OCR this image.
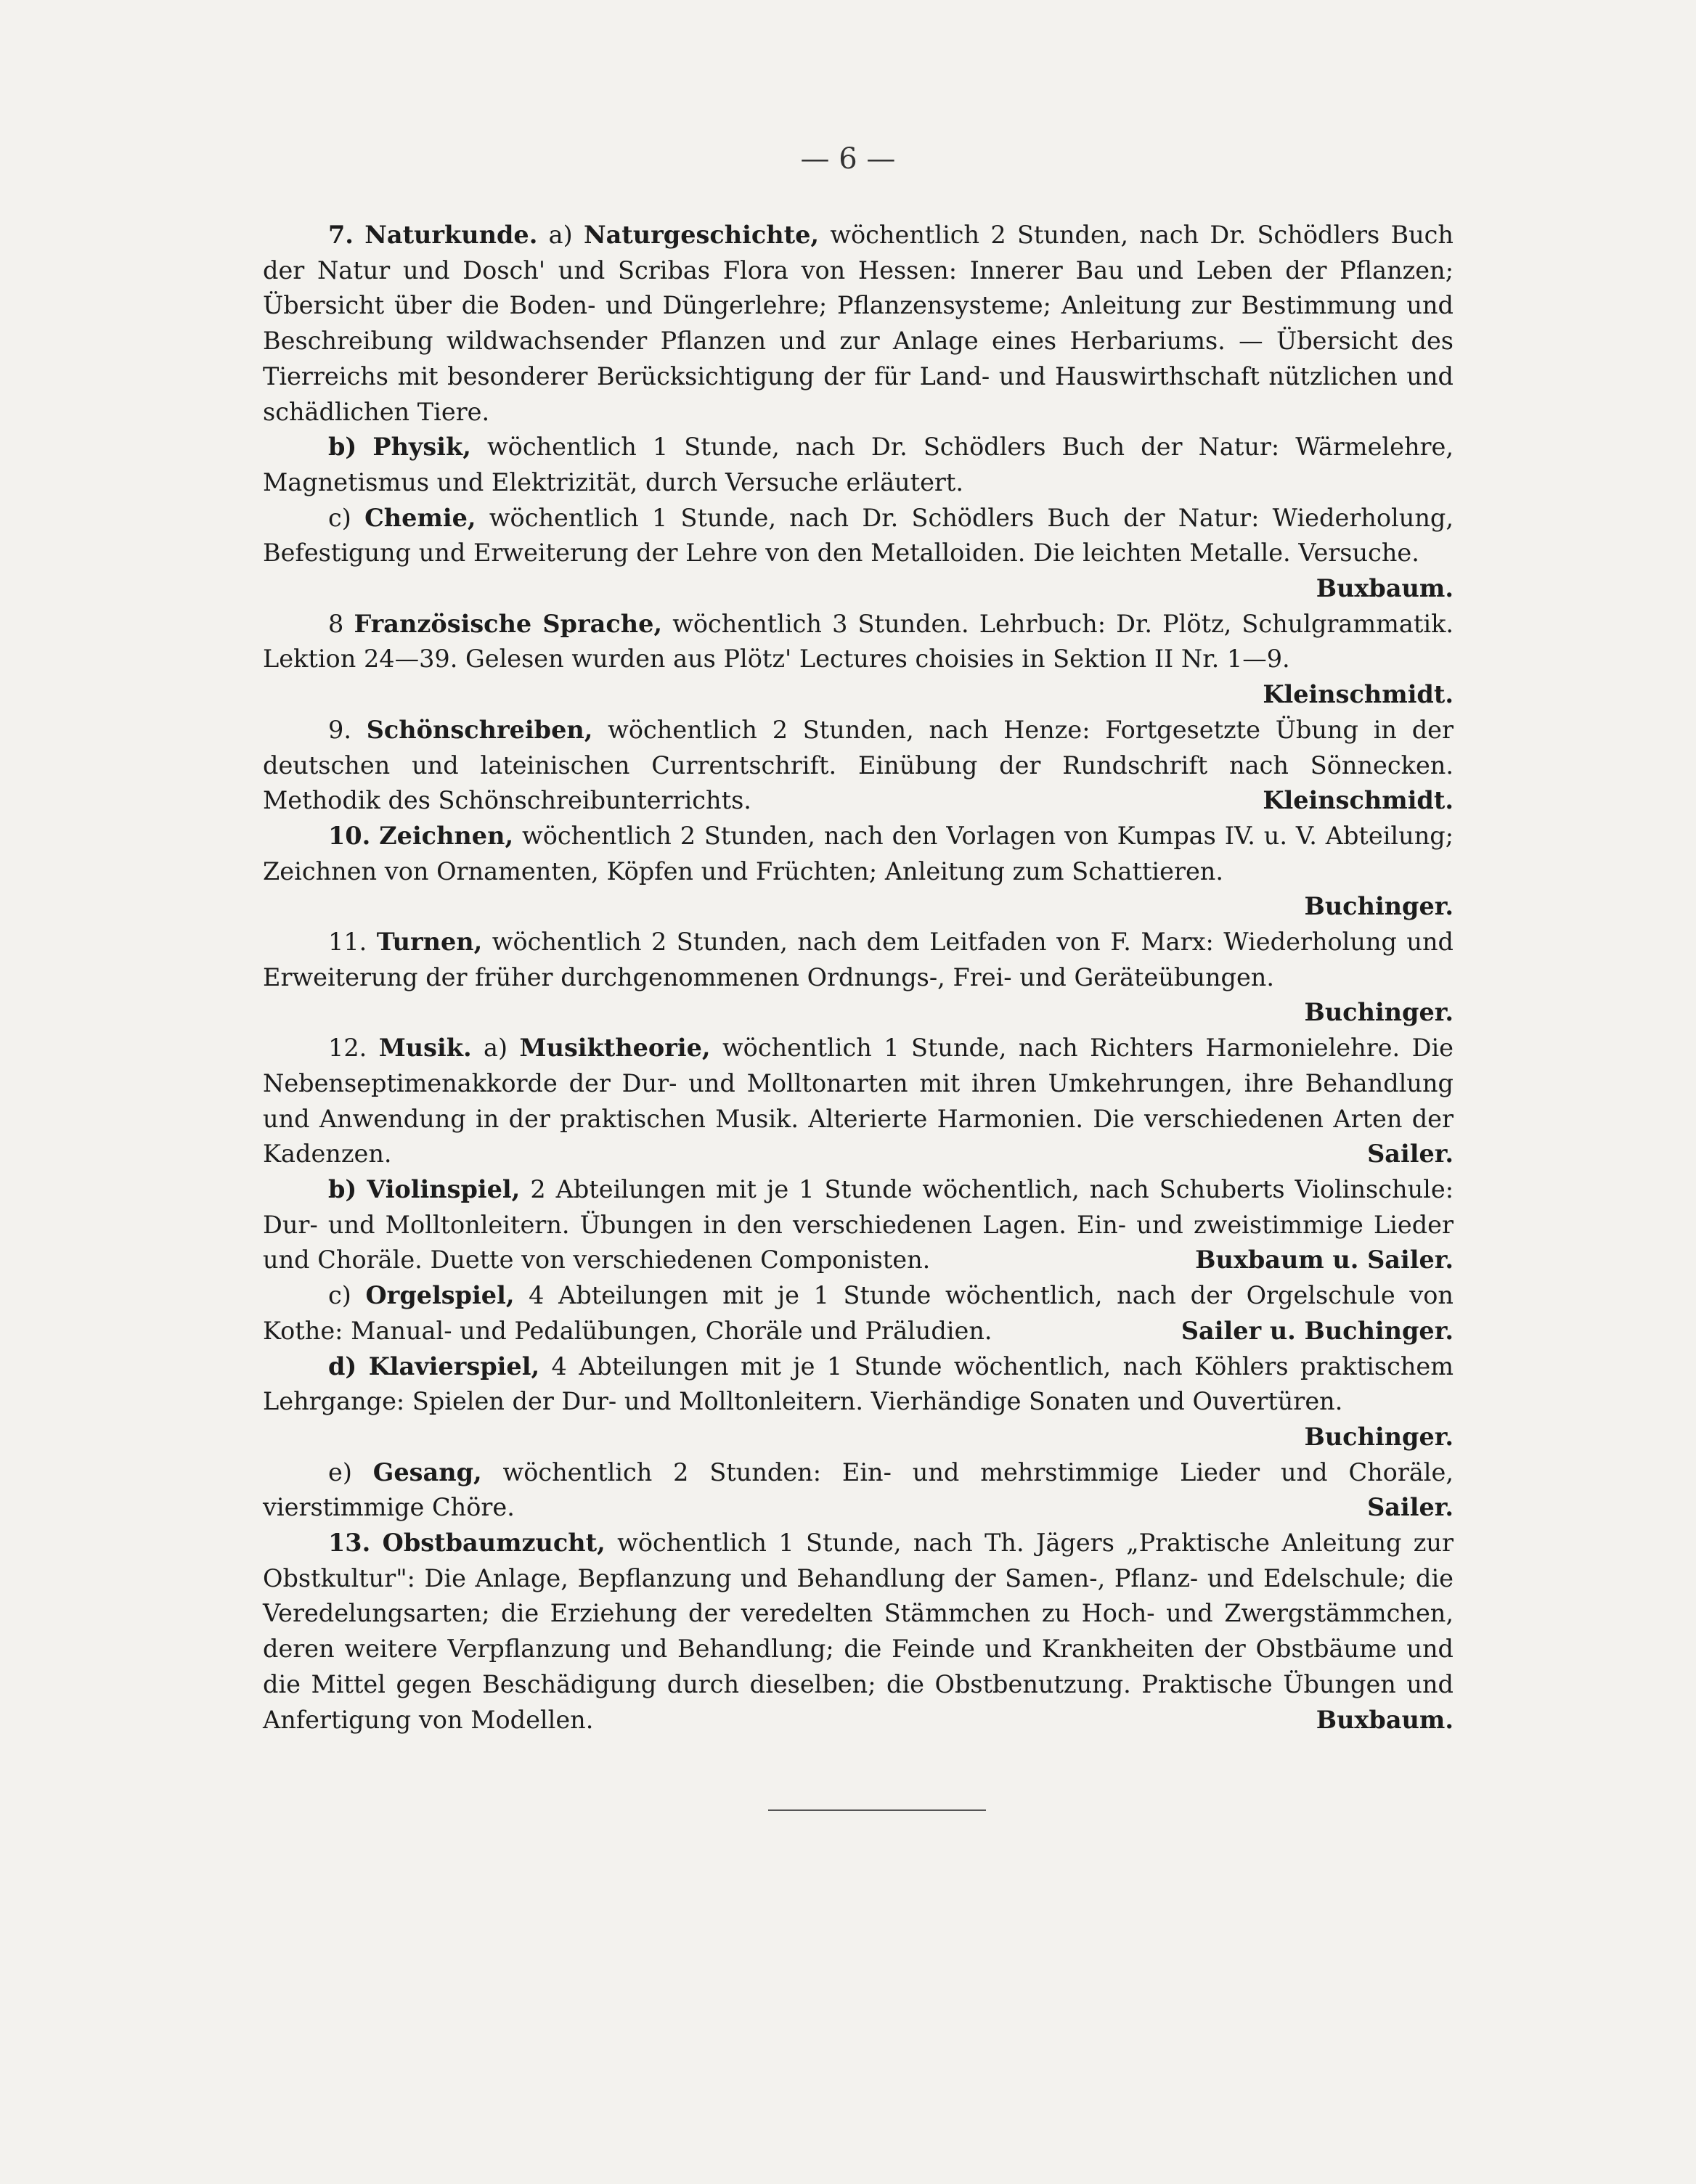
— 6 —

7. Naturkunde. a) Naturgeschichte, wöchentlich 2 Stunden, nach Dr. Schödlers Buch der Natur und Dosch' und Scribas Flora von Hessen: Innerer Bau und Leben der Pflanzen; Übersicht über die Boden- und Düngerlehre; Pflanzensysteme; Anleitung zur Bestimmung und Beschreibung wildwachsender Pflanzen und zur Anlage eines Herbariums. — Übersicht des Tierreichs mit besonderer Berücksichtigung der für Land- und Hauswirthschaft nützlichen und schädlichen Tiere.

b) Physik, wöchentlich 1 Stunde, nach Dr. Schödlers Buch der Natur: Wärmelehre, Magnetismus und Elektrizität, durch Versuche erläutert.

c) Chemie, wöchentlich 1 Stunde, nach Dr. Schödlers Buch der Natur: Wiederholung, Befestigung und Erweiterung der Lehre von den Metalloiden. Die leichten Metalle. Versuche.

Buxbaum.

8 Französische Sprache, wöchentlich 3 Stunden. Lehrbuch: Dr. Plötz, Schulgrammatik. Lektion 24—39. Gelesen wurden aus Plötz' Lectures choisies in Sektion II Nr. 1—9.

Kleinschmidt.

9. Schönschreiben, wöchentlich 2 Stunden, nach Henze: Fortgesetzte Übung in der deutschen und lateinischen Currentschrift. Einübung der Rundschrift nach Sönnecken. Methodik des Schönschreibunterrichts.	Kleinschmidt.

10. Zeichnen, wöchentlich 2 Stunden, nach den Vorlagen von Kumpas IV. u. V. Abteilung; Zeichnen von Ornamenten, Köpfen und Früchten; Anleitung zum Schattieren.

Buchinger.

11. Turnen, wöchentlich 2 Stunden, nach dem Leitfaden von F. Marx: Wiederholung und Erweiterung der früher durchgenommenen Ordnungs-, Frei- und Geräteübungen.

Buchinger.

12. Musik. a) Musiktheorie, wöchentlich 1 Stunde, nach Richters Harmonielehre. Die Nebenseptimenakkorde der Dur- und Molltonarten mit ihren Umkehrungen, ihre Behandlung und Anwendung in der praktischen Musik. Alterierte Harmonien. Die verschiedenen Arten der Kadenzen.	Sailer.

b) Violinspiel, 2 Abteilungen mit je 1 Stunde wöchentlich, nach Schuberts Violinschule: Dur- und Molltonleitern. Übungen in den verschiedenen Lagen. Ein- und zweistimmige Lieder und Choräle. Duette von verschiedenen Componisten.	Buxbaum u. Sailer.

c) Orgelspiel, 4 Abteilungen mit je 1 Stunde wöchentlich, nach der Orgelschule von Kothe: Manual- und Pedalübungen, Choräle und Präludien.	Sailer u. Buchinger.

d) Klavierspiel, 4 Abteilungen mit je 1 Stunde wöchentlich, nach Köhlers praktischem Lehrgange: Spielen der Dur- und Molltonleitern. Vierhändige Sonaten und Ouvertüren.

Buchinger.

e) Gesang, wöchentlich 2 Stunden: Ein- und mehrstimmige Lieder und Choräle, vierstimmige Chöre.	Sailer.

13. Obstbaumzucht, wöchentlich 1 Stunde, nach Th. Jägers „Praktische Anleitung zur Obstkultur": Die Anlage, Bepflanzung und Behandlung der Samen-, Pflanz- und Edelschule; die Veredelungsarten; die Erziehung der veredelten Stämmchen zu Hoch- und Zwergstämmchen, deren weitere Verpflanzung und Behandlung; die Feinde und Krankheiten der Obstbäume und die Mittel gegen Beschädigung durch dieselben; die Obstbenutzung. Praktische Übungen und Anfertigung von Modellen.	Buxbaum.
